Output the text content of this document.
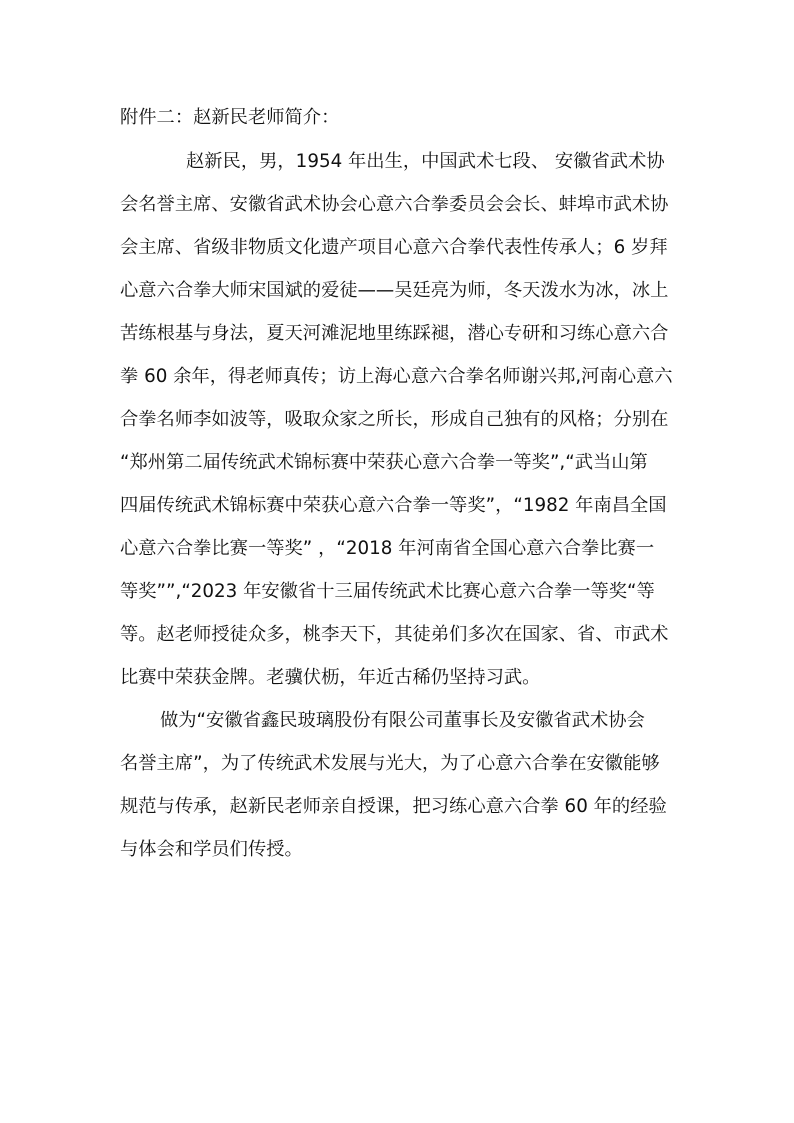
附件二：赵新民老师简介：
赵新民，男，1954 年出生，中国武术七段、 安徽省武术协
会名誉主席、安徽省武术协会心意六合拳委员会会长、蚌埠市武术协
会主席、省级非物质文化遗产项目心意六合拳代表性传承人；6 岁拜
心意六合拳大师宋国斌的爱徒——吴廷亮为师，冬天泼水为冰，冰上
苦练根基与身法，夏天河滩泥地里练踩褪，潜心专研和习练心意六合
拳 60 余年，得老师真传；访上海心意六合拳名师谢兴邦,河南心意六
合拳名师李如波等，吸取众家之所长，形成自己独有的风格；分别在
“郑州第二届传统武术锦标赛中荣获心意六合拳一等奖”,“武当山第
四届传统武术锦标赛中荣获心意六合拳一等奖”，“1982 年南昌全国
心意六合拳比赛一等奖” ，“2018 年河南省全国心意六合拳比赛一
等奖””,“2023 年安徽省十三届传统武术比赛心意六合拳一等奖“等
等。赵老师授徒众多，桃李天下，其徒弟们多次在国家、省、市武术
比赛中荣获金牌。老骥伏枥，年近古稀仍坚持习武。
做为“安徽省鑫民玻璃股份有限公司董事长及安徽省武术协会
名誉主席”，为了传统武术发展与光大，为了心意六合拳在安徽能够
规范与传承，赵新民老师亲自授课，把习练心意六合拳 60 年的经验
与体会和学员们传授。
